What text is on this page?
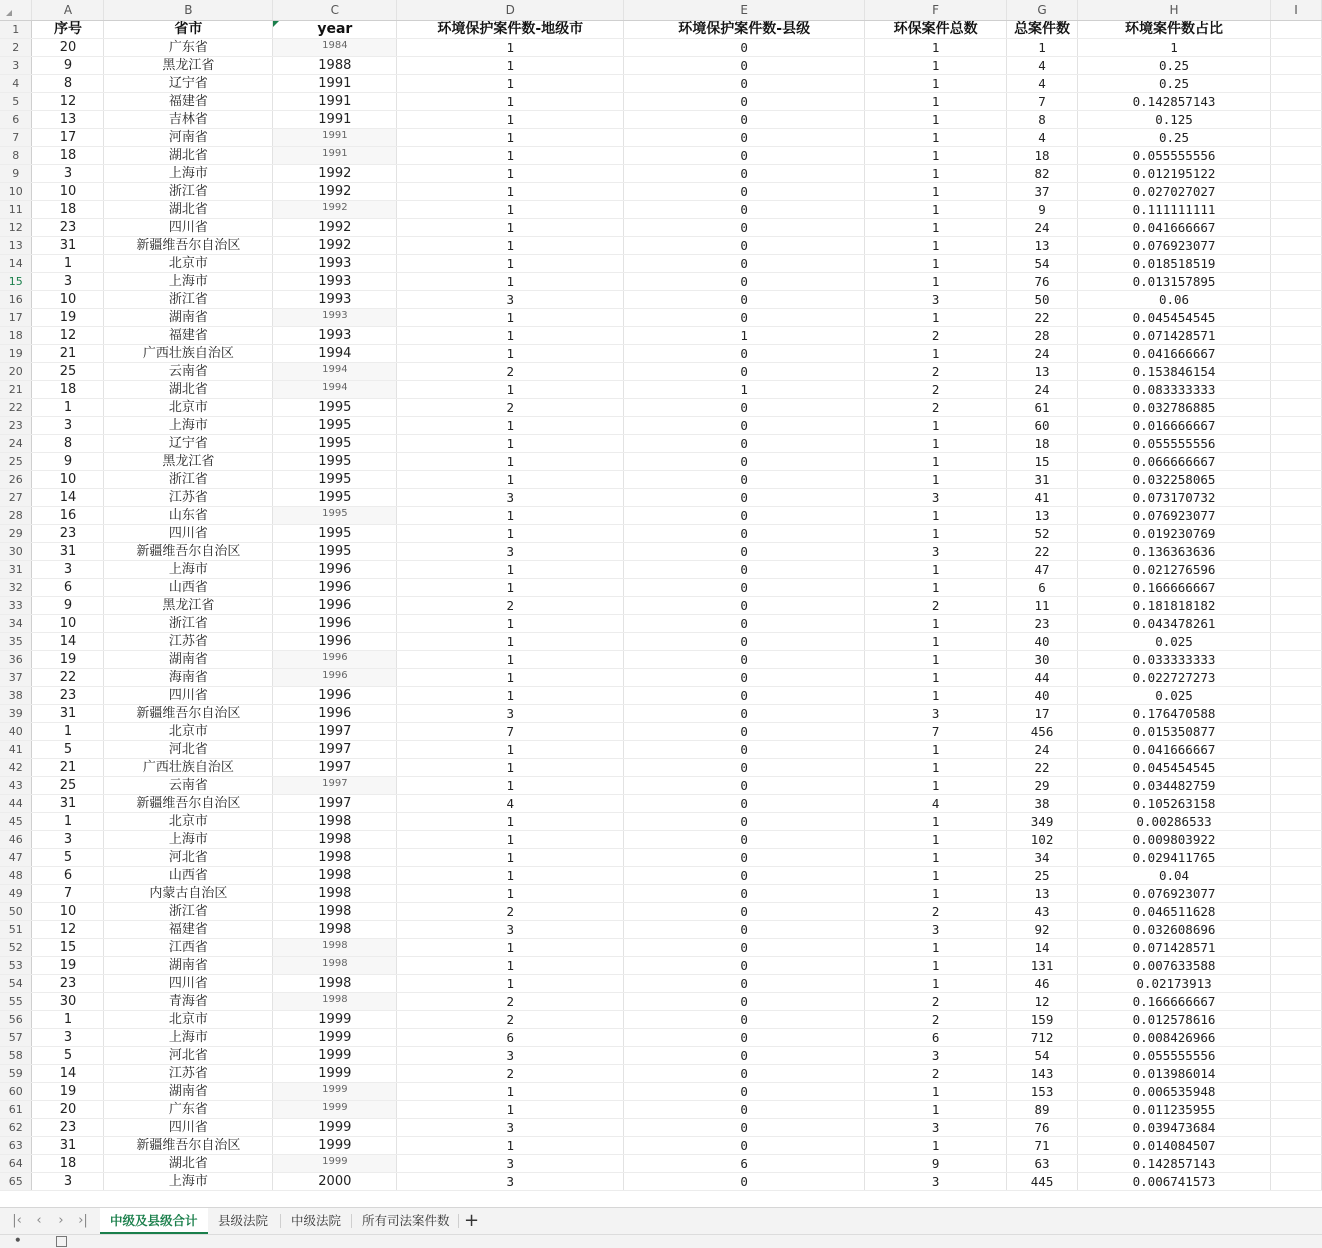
	A	B	C	D	E	F	G	H	I
1	序号	省市	year	环境保护案件数-地级市	环境保护案件数-县级	环保案件总数	总案件数	环境案件数占比	
2	20	广东省	1984	1	0	1	1	1	
3	9	黑龙江省	1988	1	0	1	4	0.25	
4	8	辽宁省	1991	1	0	1	4	0.25	
5	12	福建省	1991	1	0	1	7	0.142857143	
6	13	吉林省	1991	1	0	1	8	0.125	
7	17	河南省	1991	1	0	1	4	0.25	
8	18	湖北省	1991	1	0	1	18	0.055555556	
9	3	上海市	1992	1	0	1	82	0.012195122	
10	10	浙江省	1992	1	0	1	37	0.027027027	
11	18	湖北省	1992	1	0	1	9	0.111111111	
12	23	四川省	1992	1	0	1	24	0.041666667	
13	31	新疆维吾尔自治区	1992	1	0	1	13	0.076923077	
14	1	北京市	1993	1	0	1	54	0.018518519	
15	3	上海市	1993	1	0	1	76	0.013157895	
16	10	浙江省	1993	3	0	3	50	0.06	
17	19	湖南省	1993	1	0	1	22	0.045454545	
18	12	福建省	1993	1	1	2	28	0.071428571	
19	21	广西壮族自治区	1994	1	0	1	24	0.041666667	
20	25	云南省	1994	2	0	2	13	0.153846154	
21	18	湖北省	1994	1	1	2	24	0.083333333	
22	1	北京市	1995	2	0	2	61	0.032786885	
23	3	上海市	1995	1	0	1	60	0.016666667	
24	8	辽宁省	1995	1	0	1	18	0.055555556	
25	9	黑龙江省	1995	1	0	1	15	0.066666667	
26	10	浙江省	1995	1	0	1	31	0.032258065	
27	14	江苏省	1995	3	0	3	41	0.073170732	
28	16	山东省	1995	1	0	1	13	0.076923077	
29	23	四川省	1995	1	0	1	52	0.019230769	
30	31	新疆维吾尔自治区	1995	3	0	3	22	0.136363636	
31	3	上海市	1996	1	0	1	47	0.021276596	
32	6	山西省	1996	1	0	1	6	0.166666667	
33	9	黑龙江省	1996	2	0	2	11	0.181818182	
34	10	浙江省	1996	1	0	1	23	0.043478261	
35	14	江苏省	1996	1	0	1	40	0.025	
36	19	湖南省	1996	1	0	1	30	0.033333333	
37	22	海南省	1996	1	0	1	44	0.022727273	
38	23	四川省	1996	1	0	1	40	0.025	
39	31	新疆维吾尔自治区	1996	3	0	3	17	0.176470588	
40	1	北京市	1997	7	0	7	456	0.015350877	
41	5	河北省	1997	1	0	1	24	0.041666667	
42	21	广西壮族自治区	1997	1	0	1	22	0.045454545	
43	25	云南省	1997	1	0	1	29	0.034482759	
44	31	新疆维吾尔自治区	1997	4	0	4	38	0.105263158	
45	1	北京市	1998	1	0	1	349	0.00286533	
46	3	上海市	1998	1	0	1	102	0.009803922	
47	5	河北省	1998	1	0	1	34	0.029411765	
48	6	山西省	1998	1	0	1	25	0.04	
49	7	内蒙古自治区	1998	1	0	1	13	0.076923077	
50	10	浙江省	1998	2	0	2	43	0.046511628	
51	12	福建省	1998	3	0	3	92	0.032608696	
52	15	江西省	1998	1	0	1	14	0.071428571	
53	19	湖南省	1998	1	0	1	131	0.007633588	
54	23	四川省	1998	1	0	1	46	0.02173913	
55	30	青海省	1998	2	0	2	12	0.166666667	
56	1	北京市	1999	2	0	2	159	0.012578616	
57	3	上海市	1999	6	0	6	712	0.008426966	
58	5	河北省	1999	3	0	3	54	0.055555556	
59	14	江苏省	1999	2	0	2	143	0.013986014	
60	19	湖南省	1999	1	0	1	153	0.006535948	
61	20	广东省	1999	1	0	1	89	0.011235955	
62	23	四川省	1999	3	0	3	76	0.039473684	
63	31	新疆维吾尔自治区	1999	1	0	1	71	0.014084507	
64	18	湖北省	1999	3	6	9	63	0.142857143	
65	3	上海市	2000	3	0	3	445	0.006741573	
|‹	‹	›	›|	中级及县级合计	县级法院	中级法院	所有司法案件数 +
⚫
